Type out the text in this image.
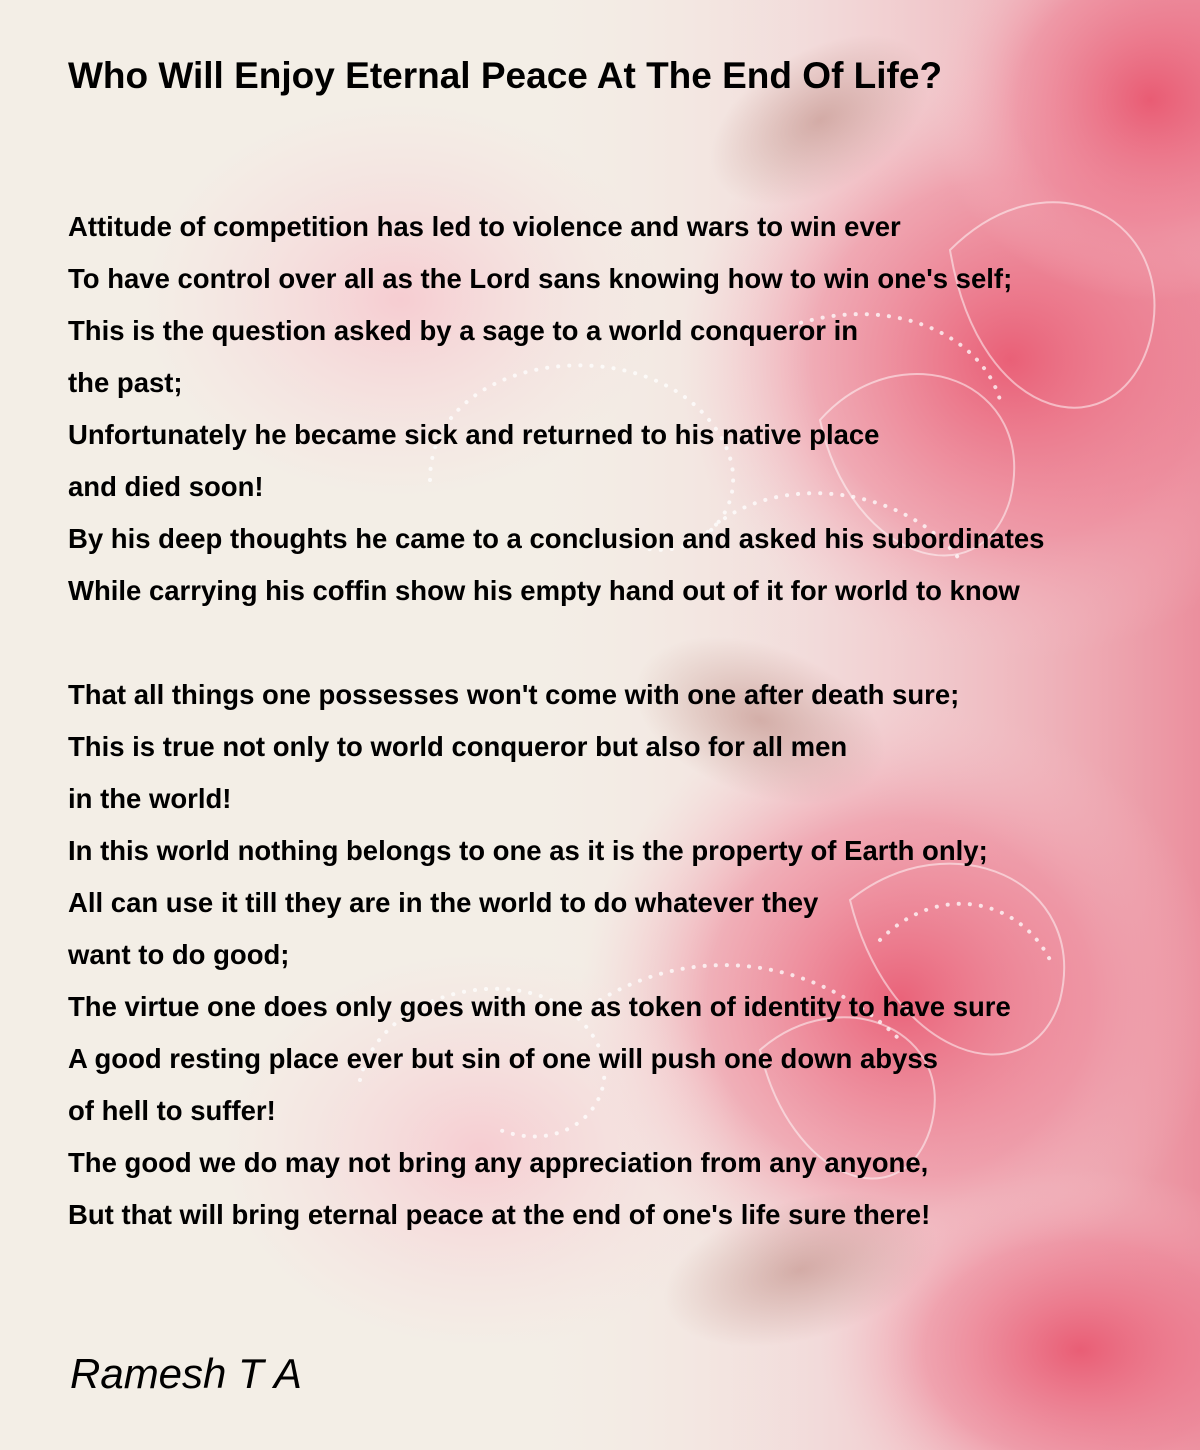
Who Will Enjoy Eternal Peace At The End Of Life?
Attitude of competition has led to violence and wars to win ever
To have control over all as the Lord sans knowing how to win one's self;
This is the question asked by a sage to a world conqueror in
the past;
Unfortunately he became sick and returned to his native place
and died soon!
By his deep thoughts he came to a conclusion and asked his subordinates
While carrying his coffin show his empty hand out of it for world to know
That all things one possesses won't come with one after death sure;
This is true not only to world conqueror but also for all men
in the world!
In this world nothing belongs to one as it is the property of Earth only;
All can use it till they are in the world to do whatever they
want to do good;
The virtue one does only goes with one as token of identity to have sure
A good resting place ever but sin of one will push one down abyss
of hell to suffer!
The good we do may not bring any appreciation from any anyone,
But that will bring eternal peace at the end of one's life sure there!

Ramesh T A
